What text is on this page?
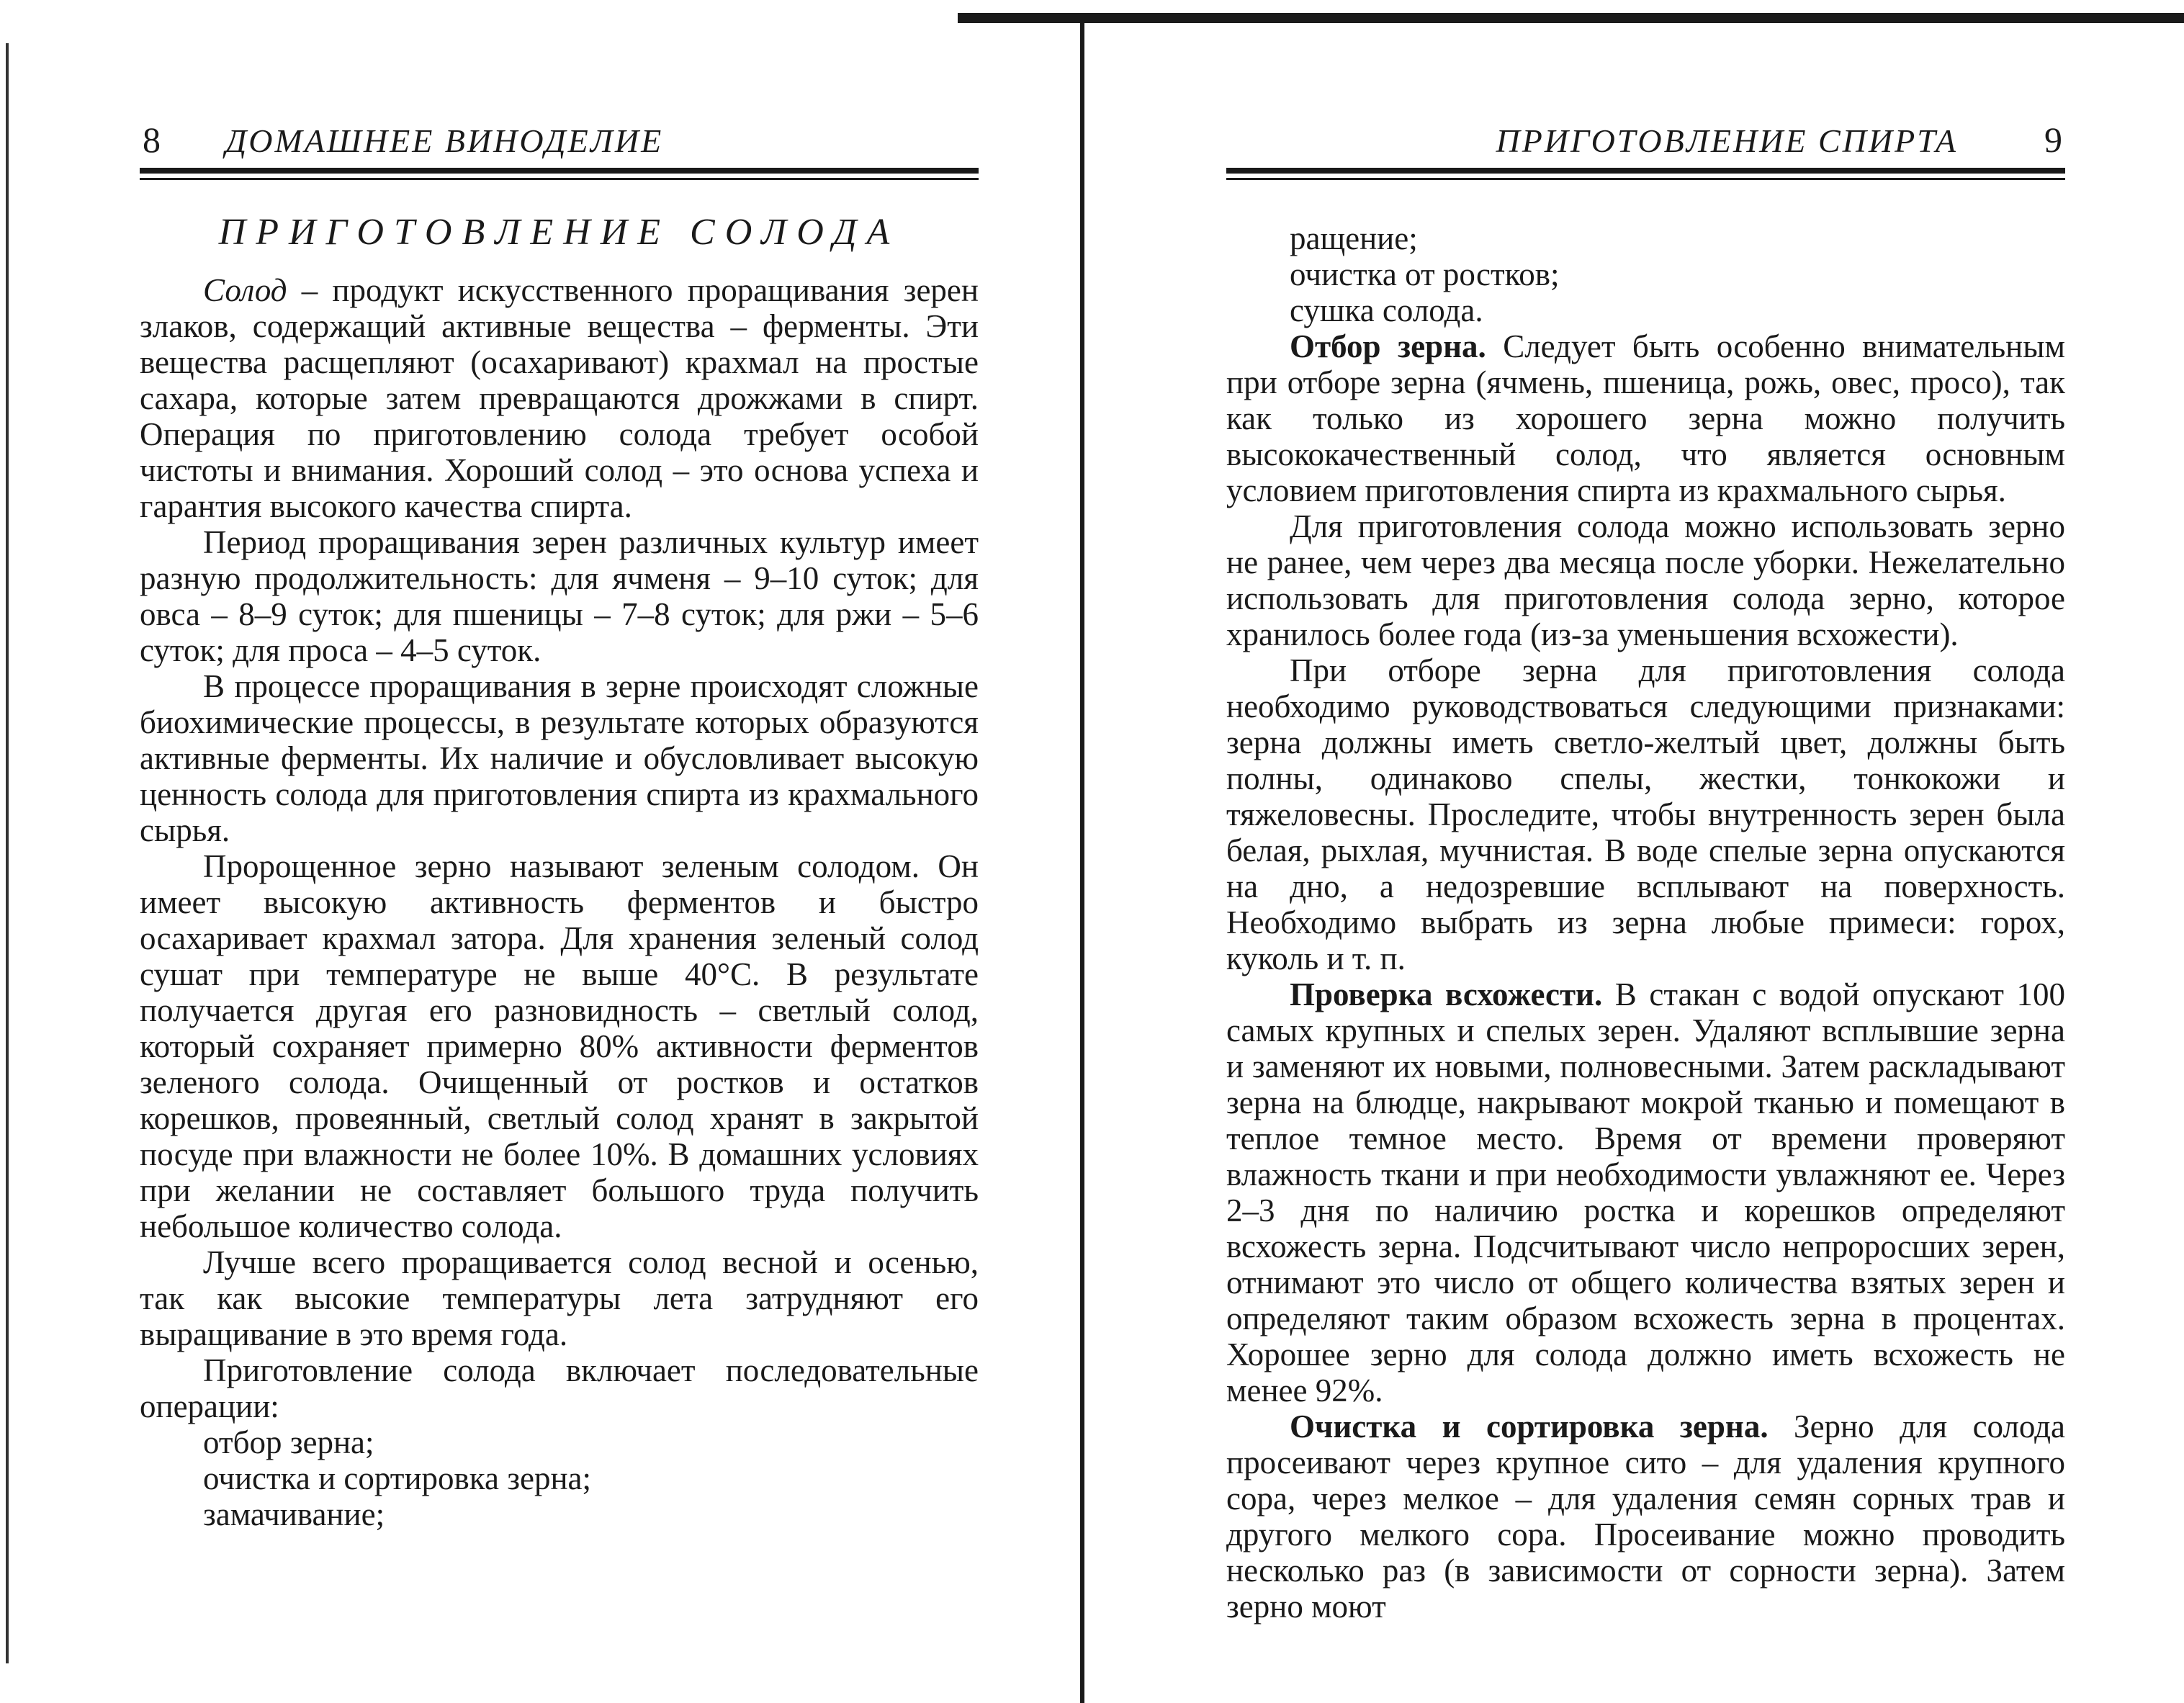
8	ДОМАШНЕЕ ВИНОДЕЛИЕ
ПРИГОТОВЛЕНИЕ СОЛОДА

Солод – продукт искусственного проращивания зерен злаков, содержащий активные вещества – ферменты. Эти вещества расщепляют (осахаривают) крахмал на простые сахара, которые затем превращаются дрожжами в спирт. Операция по приготовлению солода требует особой чистоты и внимания. Хороший солод – это основа успеха и гарантия высокого качества спирта.

Период проращивания зерен различных культур имеет разную продолжительность: для ячменя – 9–10 суток; для овса – 8–9 суток; для пшеницы – 7–8 суток; для ржи – 5–6 суток; для проса – 4–5 суток.

В процессе проращивания в зерне происходят сложные биохимические процессы, в результате которых образуются активные ферменты. Их наличие и обусловливает высокую ценность солода для приготовления спирта из крахмального сырья.

Пророщенное зерно называют зеленым солодом. Он имеет высокую активность ферментов и быстро осахаривает крахмал затора. Для хранения зеленый солод сушат при температуре не выше 40°С. В результате получается другая его разновидность – светлый солод, который сохраняет примерно 80% активности ферментов зеленого солода. Очищенный от ростков и остатков корешков, провеянный, светлый солод хранят в закрытой посуде при влажности не более 10%. В домашних условиях при желании не составляет большого труда получить небольшое количество солода.

Лучше всего проращивается солод весной и осенью, так как высокие температуры лета затрудняют его выращивание в это время года.

Приготовление солода включает последовательные операции:

отбор зерна;

очистка и сортировка зерна;

замачивание;

ПРИГОТОВЛЕНИЕ СПИРТА	9

ращение;

очистка от ростков;

сушка солода.

Отбор зерна. Следует быть особенно внимательным при отборе зерна (ячмень, пшеница, рожь, овес, просо), так как только из хорошего зерна можно получить высококачественный солод, что является основным условием приготовления спирта из крахмального сырья.

Для приготовления солода можно использовать зерно не ранее, чем через два месяца после уборки. Нежелательно использовать для приготовления солода зерно, которое хранилось более года (из-за уменьшения всхожести).

При отборе зерна для приготовления солода необходимо руководствоваться следующими признаками: зерна должны иметь светло-желтый цвет, должны быть полны, одинаково спелы, жестки, тонкокожи и тяжеловесны. Проследите, чтобы внутренность зерен была белая, рыхлая, мучнистая. В воде спелые зерна опускаются на дно, а недозревшие всплывают на поверхность. Необходимо выбрать из зерна любые примеси: горох, куколь и т. п.

Проверка всхожести. В стакан с водой опускают 100 самых крупных и спелых зерен. Удаляют всплывшие зерна и заменяют их новыми, полновесными. Затем раскладывают зерна на блюдце, накрывают мокрой тканью и помещают в теплое темное место. Время от времени проверяют влажность ткани и при необходимости увлажняют ее. Через 2–3 дня по наличию ростка и корешков определяют всхожесть зерна. Подсчитывают число непроросших зерен, отнимают это число от общего количества взятых зерен и определяют таким образом всхожесть зерна в процентах. Хорошее зерно для солода должно иметь всхожесть не менее 92%.

Очистка и сортировка зерна. Зерно для солода просеивают через крупное сито – для удаления крупного сора, через мелкое – для удаления семян сорных трав и другого мелкого сора. Просеивание можно проводить несколько раз (в зависимости от сорности зерна). Затем зерно моют
